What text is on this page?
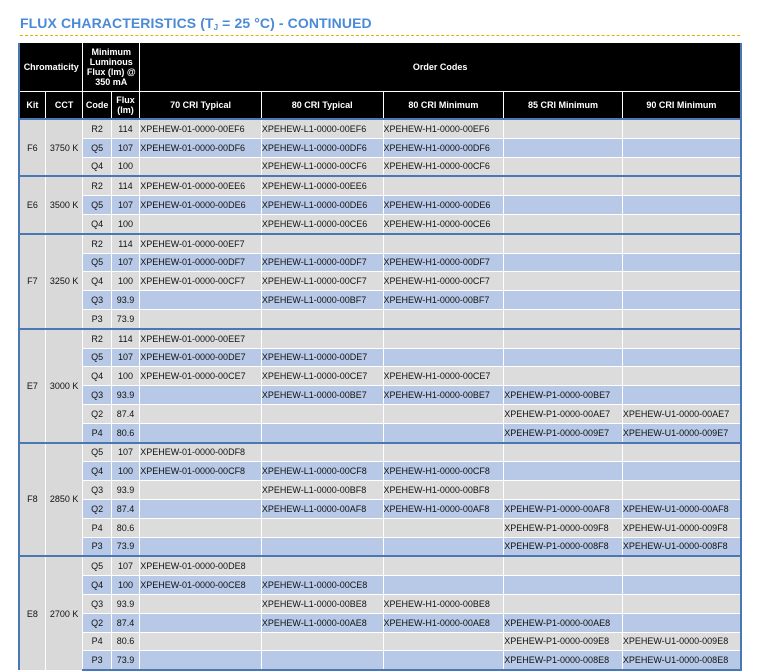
FLUX CHARACTERISTICS ($T_J = 25$ °C) - CONTINUED
Chromaticity		Minimum Luminous Flux (lm) @ 350 mA		Order Codes				
Kit	CCT	Code	Flux (lm)	70 CRI Typical	80 CRI Typical	80 CRI Minimum	85 CRI Minimum	90 CRI Minimum
F6	3750 K	R2	114	XPEHEW-01-0000-00EF6	XPEHEW-L1-0000-00EF6	XPEHEW-H1-0000-00EF6		
		Q5	107	XPEHEW-01-0000-00DF6	XPEHEW-L1-0000-00DF6	XPEHEW-H1-0000-00DF6		
		Q4	100		XPEHEW-L1-0000-00CF6	XPEHEW-H1-0000-00CF6		
E6	3500 K	R2	114	XPEHEW-01-0000-00EE6	XPEHEW-L1-0000-00EE6			
		Q5	107	XPEHEW-01-0000-00DE6	XPEHEW-L1-0000-00DE6	XPEHEW-H1-0000-00DE6		
		Q4	100		XPEHEW-L1-0000-00CE6	XPEHEW-H1-0000-00CE6		
F7	3250 K	R2	114	XPEHEW-01-0000-00EF7				
		Q5	107	XPEHEW-01-0000-00DF7	XPEHEW-L1-0000-00DF7	XPEHEW-H1-0000-00DF7		
		Q4	100	XPEHEW-01-0000-00CF7	XPEHEW-L1-0000-00CF7	XPEHEW-H1-0000-00CF7		
		Q3	93.9		XPEHEW-L1-0000-00BF7	XPEHEW-H1-0000-00BF7		
		P3	73.9					
E7	3000 K	R2	114	XPEHEW-01-0000-00EE7				
		Q5	107	XPEHEW-01-0000-00DE7	XPEHEW-L1-0000-00DE7			
		Q4	100	XPEHEW-01-0000-00CE7	XPEHEW-L1-0000-00CE7	XPEHEW-H1-0000-00CE7		
		Q3	93.9		XPEHEW-L1-0000-00BE7	XPEHEW-H1-0000-00BE7	XPEHEW-P1-0000-00BE7	
		Q2	87.4				XPEHEW-P1-0000-00AE7	XPEHEW-U1-0000-00AE7
		P4	80.6				XPEHEW-P1-0000-009E7	XPEHEW-U1-0000-009E7
F8	2850 K	Q5	107	XPEHEW-01-0000-00DF8				
		Q4	100	XPEHEW-01-0000-00CF8	XPEHEW-L1-0000-00CF8	XPEHEW-H1-0000-00CF8		
		Q3	93.9		XPEHEW-L1-0000-00BF8	XPEHEW-H1-0000-00BF8		
		Q2	87.4		XPEHEW-L1-0000-00AF8	XPEHEW-H1-0000-00AF8	XPEHEW-P1-0000-00AF8	XPEHEW-U1-0000-00AF8
		P4	80.6				XPEHEW-P1-0000-009F8	XPEHEW-U1-0000-009F8
		P3	73.9				XPEHEW-P1-0000-008F8	XPEHEW-U1-0000-008F8
E8	2700 K	Q5	107	XPEHEW-01-0000-00DE8				
		Q4	100	XPEHEW-01-0000-00CE8	XPEHEW-L1-0000-00CE8			
		Q3	93.9		XPEHEW-L1-0000-00BE8	XPEHEW-H1-0000-00BE8		
		Q2	87.4		XPEHEW-L1-0000-00AE8	XPEHEW-H1-0000-00AE8	XPEHEW-P1-0000-00AE8	
		P4	80.6				XPEHEW-P1-0000-009E8	XPEHEW-U1-0000-009E8
		P3	73.9				XPEHEW-P1-0000-008E8	XPEHEW-U1-0000-008E8
